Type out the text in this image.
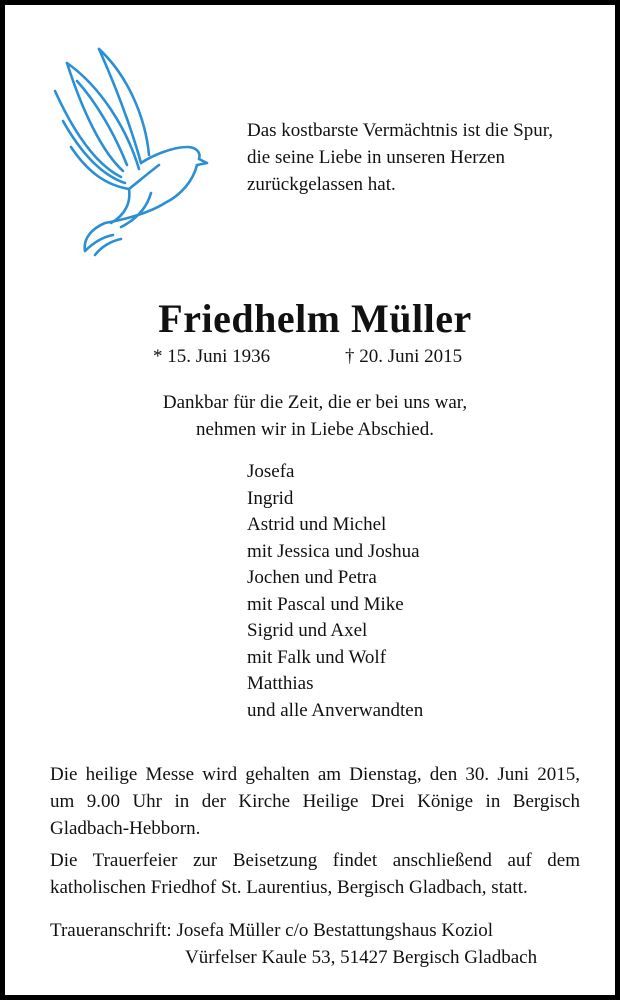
Das kostbarste Vermächtnis ist die Spur,
die seine Liebe in unseren Herzen
zurückgelassen hat.

Friedhelm Müller
* 15. Juni 1936	† 20. Juni 2015

Dankbar für die Zeit, die er bei uns war,
nehmen wir in Liebe Abschied.

Josefa
Ingrid
Astrid und Michel
mit Jessica und Joshua
Jochen und Petra
mit Pascal und Mike
Sigrid und Axel
mit Falk und Wolf
Matthias
und alle Anverwandten

Die heilige Messe wird gehalten am Dienstag, den 30. Juni 2015,
um 9.00 Uhr in der Kirche Heilige Drei Könige in Bergisch
Gladbach-Hebborn.

Die Trauerfeier zur Beisetzung findet anschließend auf dem
katholischen Friedhof St. Laurentius, Bergisch Gladbach, statt.

Traueranschrift: Josefa Müller c/o Bestattungshaus Koziol
Vürfelser Kaule 53, 51427 Bergisch Gladbach
